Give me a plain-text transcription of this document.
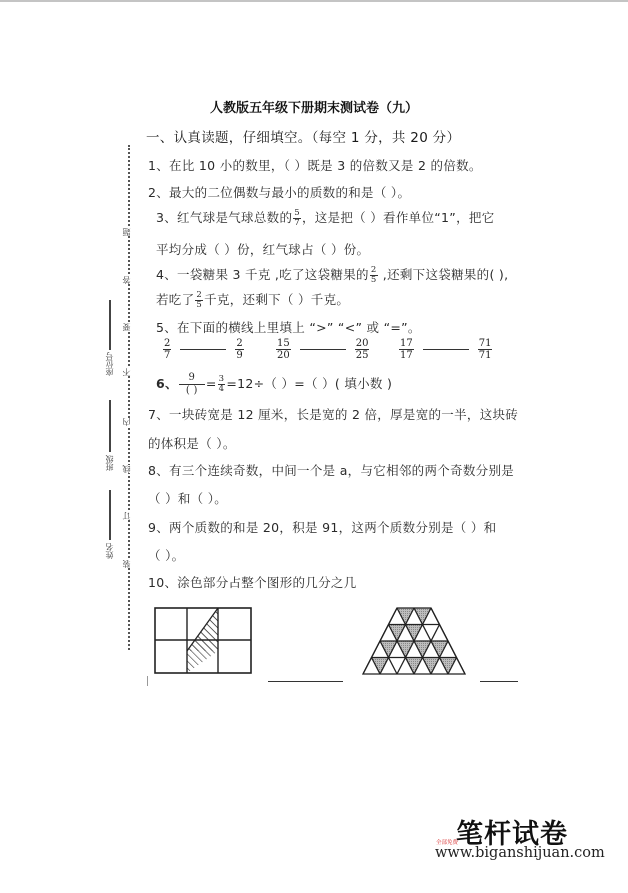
人教版五年级下册期末测试卷（九）
一、认真读题，仔细填空。（每空 1 分，共 20 分）
1、在比 10 小的数里，（ ）既是 3 的倍数又是 2 的倍数。
2、最大的二位偶数与最小的质数的和是（ ）。
3、红气球是气球总数的 $\frac{5}{7}$ ，这是把（ ）看作单位“1”，把它
平均分成（ ）份，红气球占（ ）份。
4、一袋糖果 3 千克 ,吃了这袋糖果的 $\frac{2}{5}$ ,还剩下这袋糖果的( ),
若吃了 $\frac{2}{5}$ 千克，还剩下（ ）千克。
5、在下面的横线上里填上 “>” “<” 或 “=”。
$\frac{2}{7}$	$\frac{2}{9}$	$\frac{15}{20}$	$\frac{20}{25}$	$\frac{17}{17}$	$\frac{71}{71}$
6、 $\frac{9}{( )} = \frac{3}{4} =12\div$（ ）=（ ）( 填小数 )
7、一块砖宽是 12 厘米，长是宽的 2 倍，厚是宽的一半，这块砖
的体积是（ ）。
8、有三个连续奇数，中间一个是 a，与它相邻的两个奇数分别是
（ ）和（ ）。
9、两个质数的和是 20，积是 91，这两个质数分别是（ ）和
（ ）。
10、涂色部分占整个图形的几分之几
题
答
要
不
内
线
订
装
座位号
班级
姓名
笔杆试卷
全部免费
www.biganshijuan.com
